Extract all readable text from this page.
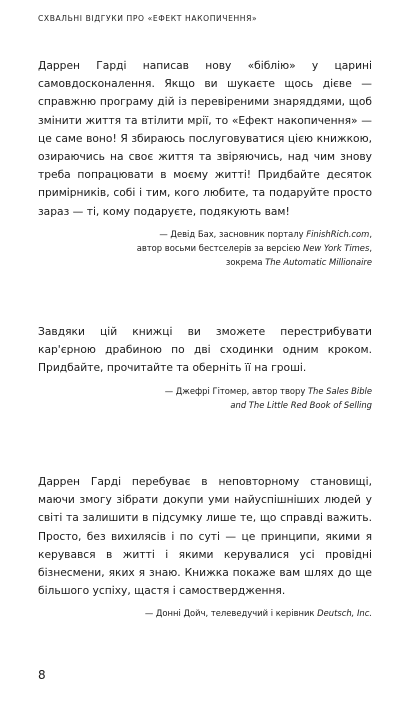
СХВАЛЬНІ ВІДГУКИ ПРО «ЕФЕКТ НАКОПИЧЕННЯ»

Даррен Гарді написав нову «біблію» у царині самовдосконалення. Якщо ви шукаєте щось дієве — справжню програму дій із перевіреними знаряддями, щоб змінити життя та втілити мрії, то «Ефект накопичення» — це саме воно! Я збираюсь послуговуватися цією книжкою, озираючись на своє життя та звіряючись, над чим знову треба попрацювати в моєму житті! Придбайте десяток примірників, собі і тим, кого любите, та подаруйте просто зараз — ті, кому подаруєте, подякують вам!

— Девід Бах, засновник порталу FinishRich.com,
автор восьми бестселерів за версією New York Times,
зокрема The Automatic Millionaire

Завдяки цій книжці ви зможете перестрибувати кар'єрною драбиною по дві сходинки одним кроком. Придбайте, прочитайте та оберніть її на гроші.

— Джефрі Гітомер, автор твору The Sales Bible
and The Little Red Book of Selling

Даррен Гарді перебуває в неповторному становищі, маючи змогу зібрати докупи уми найуспішніших людей у світі та залишити в підсумку лише те, що справді важить. Просто, без вихилясів і по суті — це принципи, якими я керувався в житті і якими керувалися усі провідні бізнесмени, яких я знаю. Книжка покаже вам шлях до ще більшого успіху, щастя і самоствердження.

— Донні Дойч, телеведучий і керівник Deutsch, Inc.

8
